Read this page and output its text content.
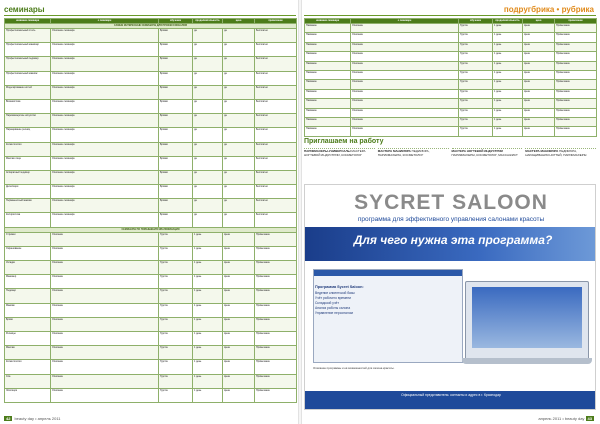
семинары
название семинара	о семинаре	обучение	продолжительность	цена	примечание
САМЫЕ ИНТЕРЕСНЫЕ СЕМИНАРЫ ДЛЯ ПРОФЕССИОНАЛОВ					
Профессиональный стиль	Описание семинара	Бровки	да	да	Бесплатно
Профессиональный маникюр	Описание семинара	Бровки	да	да	Бесплатно
Профессиональный педикюр	Описание семинара	Бровки	да	да	Бесплатно
Профессиональный макияж	Описание семинара	Бровки	да	да	Бесплатно
Моделирование ногтей	Описание семинара	Бровки	да	да	Бесплатно
Визажистика	Описание семинара	Бровки	да	да	Бесплатно
Парикмахерское искусство	Описание семинара	Бровки	да	да	Бесплатно
Наращивание ресниц	Описание семинара	Бровки	да	да	Бесплатно
Косметология	Описание семинара	Бровки	да	да	Бесплатно
Массаж лица	Описание семинара	Бровки	да	да	Бесплатно
Аппаратный педикюр	Описание семинара	Бровки	да	да	Бесплатно
Депиляция	Описание семинара	Бровки	да	да	Бесплатно
Перманентный макияж	Описание семинара	Бровки	да	да	Бесплатно
Колористика	Описание семинара	Бровки	да	да	Бесплатно
СЕМИНАРЫ ПО ПОВЫШЕНИЮ КВАЛИФИКАЦИИ					
Стрижки	Описание	Группа	1 день	Цена	Примечание
Окрашивание	Описание	Группа	1 день	Цена	Примечание
Укладки	Описание	Группа	1 день	Цена	Примечание
Маникюр	Описание	Группа	1 день	Цена	Примечание
Педикюр	Описание	Группа	1 день	Цена	Примечание
Макияж	Описание	Группа	1 день	Цена	Примечание
Брови	Описание	Группа	1 день	Цена	Примечание
Ресницы	Описание	Группа	1 день	Цена	Примечание
Массаж	Описание	Группа	1 день	Цена	Примечание
Косметология	Описание	Группа	1 день	Цена	Примечание
Спа	Описание	Группа	1 день	Цена	Примечание
Эпиляция	Описание	Группа	1 день	Цена	Примечание
42 beauty day • апрель 2011
подругбрика • рубрика
название семинара	о семинаре	обучение	продолжительность	цена	примечание
Название	Описание	Группа	1 день	Цена	Примечание
Название	Описание	Группа	1 день	Цена	Примечание
Название	Описание	Группа	1 день	Цена	Примечание
Название	Описание	Группа	1 день	Цена	Примечание
Название	Описание	Группа	1 день	Цена	Примечание
Название	Описание	Группа	1 день	Цена	Примечание
Название	Описание	Группа	1 день	Цена	Примечание
Название	Описание	Группа	1 день	Цена	Примечание
Название	Описание	Группа	1 день	Цена	Примечание
Название	Описание	Группа	1 день	Цена	Примечание
Название	Описание	Группа	1 день	Цена	Примечание
Название	Описание	Группа	1 день	Цена	Примечание
Приглашаем на работу
ПАРИКМАХЕРЫ-УНИВЕРСАЛЫ МАСТЕРА НОГТЕВОЙ ИНДУСТРИИ, КОСМЕТОЛОГ
МАСТЕРА МАНИКЮРА ПЕДИКЮРА, ПАРИКМАХЕРЫ, КОСМЕТОЛОГ
МАСТЕРА НОГТЕВОЙ ИНДУСТРИИ ПАРИКМАХЕРЫ, КОСМЕТОЛОГ, МАССАЖИСТ
МАСТЕРА МАНИКЮРА ПЕДИКЮРА, НАРАЩИВАНИЯ НОГТЕЙ, ПАРИКМАХЕРЫ
SYCRET SALOON
программа для эффективного управления салонами красоты
Для чего нужна эта программа?
Программа Sycret Saloon:
Ведение клиентской базы
Учёт рабочего времени
Складской учёт
Анализ работы салона
Управление персоналом
Описание программы и её возможностей для салона красоты.
Официальный представитель: контакты и адрес в г. Краснодар
апрель 2011 • beauty day 43
